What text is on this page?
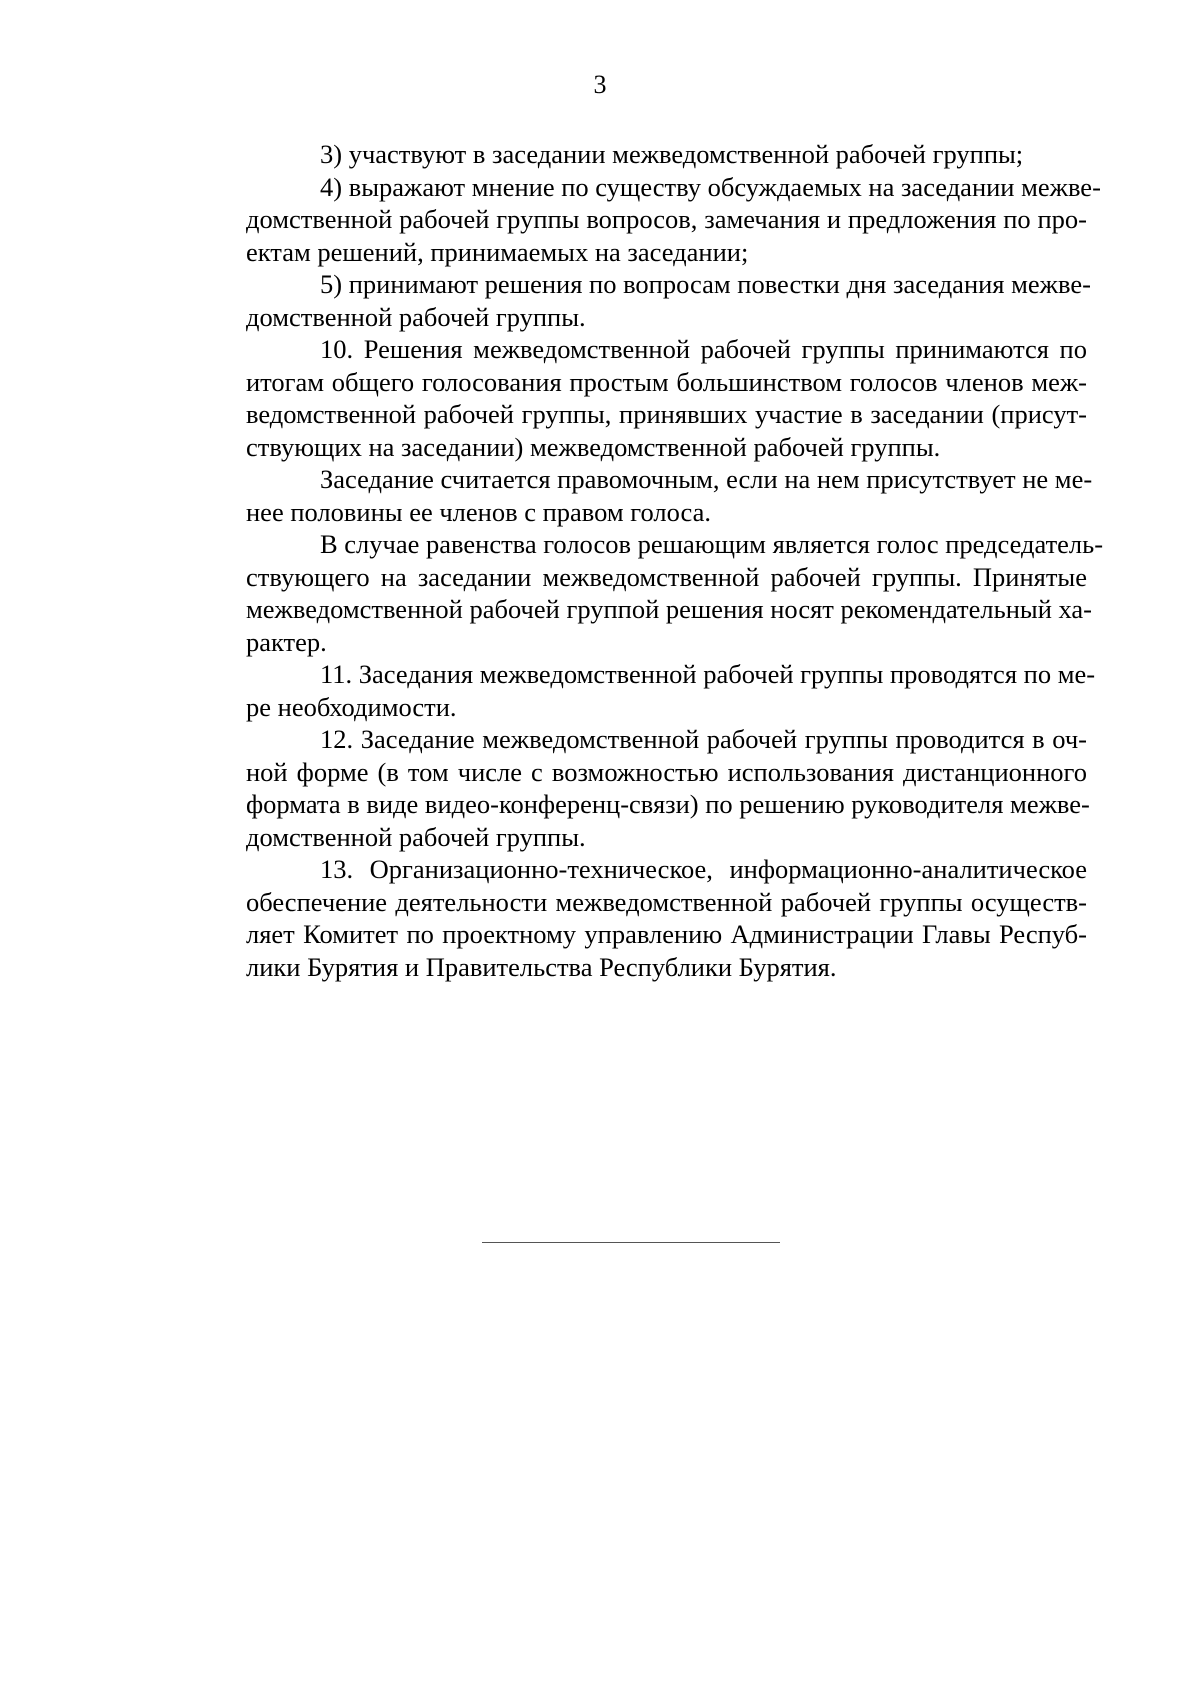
3
3) участвуют в заседании межведомственной рабочей группы;
4) выражают мнение по существу обсуждаемых на заседании межве-
домственной рабочей группы вопросов, замечания и предложения по про-
ектам решений, принимаемых на заседании;
5) принимают решения по вопросам повестки дня заседания межве-
домственной рабочей группы.
10. Решения межведомственной рабочей группы принимаются по
итогам общего голосования простым большинством голосов членов меж-
ведомственной рабочей группы, принявших участие в заседании (присут-
ствующих на заседании) межведомственной рабочей группы.
Заседание считается правомочным, если на нем присутствует не ме-
нее половины ее членов с правом голоса.
В случае равенства голосов решающим является голос председатель-
ствующего на заседании межведомственной рабочей группы. Принятые
межведомственной рабочей группой решения носят рекомендательный ха-
рактер.
11. Заседания межведомственной рабочей группы проводятся по ме-
ре необходимости.
12. Заседание межведомственной рабочей группы проводится в оч-
ной форме (в том числе с возможностью использования дистанционного
формата в виде видео-конференц-связи) по решению руководителя межве-
домственной рабочей группы.
13. Организационно-техническое, информационно-аналитическое
обеспечение деятельности межведомственной рабочей группы осуществ-
ляет Комитет по проектному управлению Администрации Главы Респуб-
лики Бурятия и Правительства Республики Бурятия.
